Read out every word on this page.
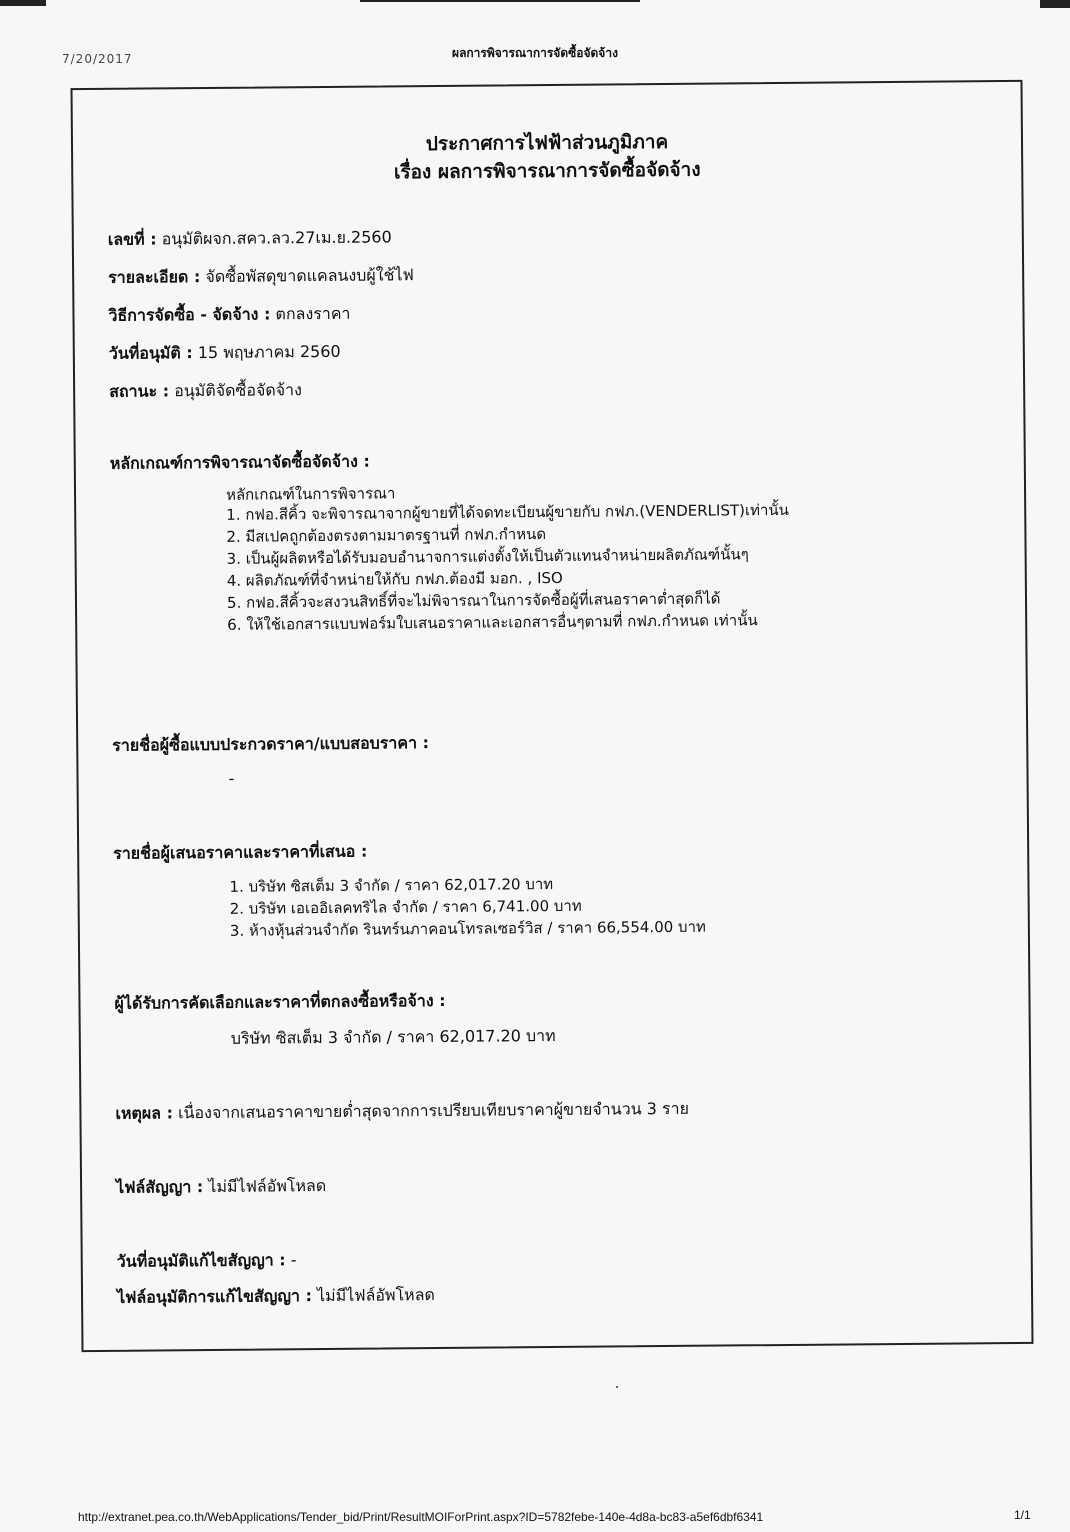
7/20/2017	ผลการพิจารณาการจัดซื้อจัดจ้าง
ประกาศการไฟฟ้าส่วนภูมิภาค
เรื่อง ผลการพิจารณาการจัดซื้อจัดจ้าง
เลขที่ : อนุมัติผจก.สคว.ลว.27เม.ย.2560
รายละเอียด : จัดซื้อพัสดุขาดแคลนงบผู้ใช้ไฟ
วิธีการจัดซื้อ - จัดจ้าง : ตกลงราคา
วันที่อนุมัติ : 15 พฤษภาคม 2560
สถานะ : อนุมัติจัดซื้อจัดจ้าง
หลักเกณฑ์การพิจารณาจัดซื้อจัดจ้าง :
หลักเกณฑ์ในการพิจารณา
1. กฟอ.สีคิ้ว จะพิจารณาจากผู้ขายที่ได้จดทะเบียนผู้ขายกับ กฟภ.(VENDERLIST)เท่านั้น
2. มีสเปคถูกต้องตรงตามมาตรฐานที่ กฟภ.กำหนด
3. เป็นผู้ผลิตหรือได้รับมอบอำนาจการแต่งตั้งให้เป็นตัวแทนจำหน่ายผลิตภัณฑ์นั้นๆ
4. ผลิตภัณฑ์ที่จำหน่ายให้กับ กฟภ.ต้องมี มอก. , ISO
5. กฟอ.สีคิ้วจะสงวนสิทธิ์ที่จะไม่พิจารณาในการจัดซื้อผู้ที่เสนอราคาต่ำสุดก็ได้
6. ให้ใช้เอกสารแบบฟอร์มใบเสนอราคาและเอกสารอื่นๆตามที่ กฟภ.กำหนด เท่านั้น
รายชื่อผู้ซื้อแบบประกวดราคา/แบบสอบราคา :
-
รายชื่อผู้เสนอราคาและราคาที่เสนอ :
1. บริษัท ซิสเต็ม 3 จำกัด / ราคา 62,017.20 บาท
2. บริษัท เอเออิเลคทริไล จำกัด / ราคา 6,741.00 บาท
3. ห้างหุ้นส่วนจำกัด รินทร์นภาคอนโทรลเซอร์วิส / ราคา 66,554.00 บาท
ผู้ได้รับการคัดเลือกและราคาที่ตกลงซื้อหรือจ้าง :
บริษัท ซิสเต็ม 3 จำกัด / ราคา 62,017.20 บาท
เหตุผล : เนื่องจากเสนอราคาขายต่ำสุดจากการเปรียบเทียบราคาผู้ขายจำนวน 3 ราย
ไฟล์สัญญา : ไม่มีไฟล์อัพโหลด
วันที่อนุมัติแก้ไขสัญญา : -
ไฟล์อนุมัติการแก้ไขสัญญา : ไม่มีไฟล์อัพโหลด
http://extranet.pea.co.th/WebApplications/Tender_bid/Print/ResultMOIForPrint.aspx?ID=5782febe-140e-4d8a-bc83-a5ef6dbf6341	1/1
